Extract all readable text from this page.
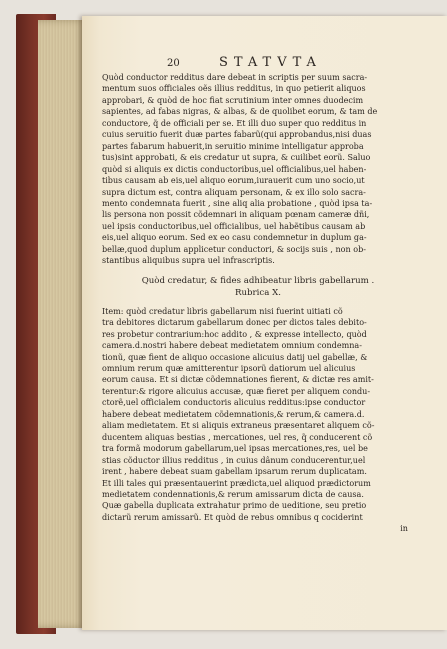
20	STATVTA
Quòd conductor redditus dare debeat in scriptis per suum sacra-
mentum suos officiales oẽs illius redditus, in quo petierit aliquos
approbari, & quòd de hoc fiat scrutinium inter omnes duodecim
sapientes, ad fabas nigras, & albas, & de quolibet eorum, & tam de
conductore, q̃ de officiali per se. Et illi duo super quo redditus in
cuius seruitio fuerit duæ partes fabarũ(qui approbandus,nisi duas
partes fabarum habuerit,in seruitio minime intelligatur approba
tus)sint approbati, & eis credatur ut supra, & cuilibet eorũ. Saluo
quòd si aliquis ex dictis conductoribus,uel officialibus,uel haben-
tibus causam ab eis,uel aliquo eorum,iurauerit cum uno socio,ut
supra dictum est, contra aliquam personam, & ex illo solo sacra-
mento condemnata fuerit , sine aliq alia probatione , quòd ipsa ta-
lis persona non possit cõdemnari in aliquam pœnam cameræ dñi,
uel ipsis conductoribus,uel officialibus, uel habẽtibus causam ab
eis,uel aliquo eorum. Sed ex eo casu condemnetur in duplum ga-
bellæ,quod duplum applicetur conductori, & socijs suis , non ob-
stantibus aliquibus supra uel infrascriptis.
Quòd credatur, & fides adhibeatur libris gabellarum .
Rubrica X.
Item: quòd credatur libris gabellarum nisi fuerint uitiati cõ
tra debitores dictarum gabellarum donec per dictos tales debito-
res probetur contrarium:hoc addito , & expresse intellecto, quòd
camera.d.nostri habere debeat medietatem omnium condemna-
tionũ, quæ fient de aliquo occasione alicuius datij uel gabellæ, &
omnium rerum quæ amitterentur ipsorũ datiorum uel alicuius
eorum causa. Et si dictæ cõdemnationes fierent, & dictæ res amit-
terentur:& rigore alicuius accusæ, quæ fieret per aliquem condu-
ctorẽ,uel officialem conductoris alicuius redditus:ipse conductor
habere debeat medietatem cõdemnationis,& rerum,& camera.d.
aliam medietatem. Et si aliquis extraneus præsentaret aliquem cõ-
ducentem aliquas bestias , mercationes, uel res, q̃ conducerent cõ
tra formã modorum gabellarum,uel ipsas mercationes,res, uel be
stias cõductor illius redditus , in cuius dânum conducerentur,uel
irent , habere debeat suam gabellam ipsarum rerum duplicatam.
Et illi tales qui præsentauerint prædicta,uel aliquod prædictorum
medietatem condennationis,& rerum amissarum dicta de causa.
Quæ gabella duplicata extrahatur primo de ueditione, seu pretio
dictarũ rerum amissarũ. Et quòd de rebus omnibus q cociderint
in
